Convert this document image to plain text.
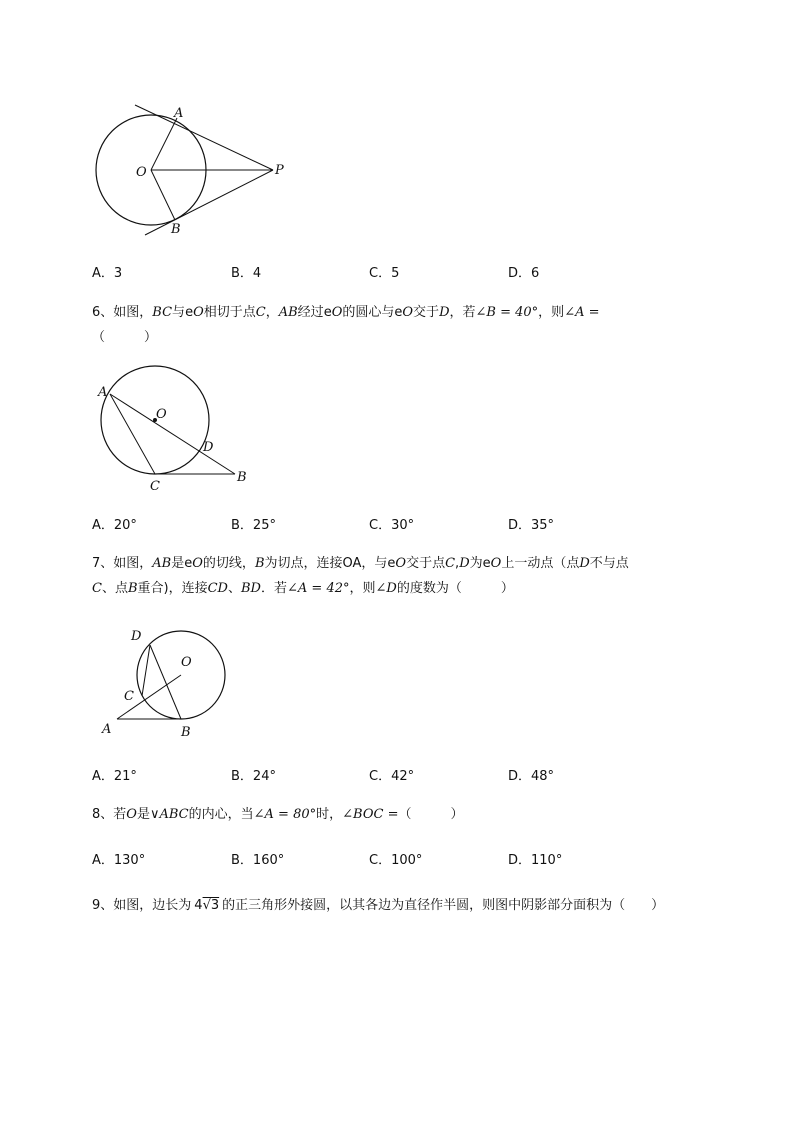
A
O	P
B
A．3	B．4	C．5	D．6
6、如图，BC与eO相切于点C，AB经过eO的圆心与eO交于D，若∠B = 40°，则∠A =
（　　　）
A
O
D
C
B
A．20°	B．25°	C．30°	D．35°
7、如图，AB是eO的切线，B为切点，连接OA，与eO交于点C,D为eO上一动点（点D不与点
C、点B重合)，连接CD、BD．若∠A = 42°，则∠D的度数为（　　　）
D
O
C
A	B
A．21°	B．24°	C．42°	D．48°
8、若O是∨ABC的内心，当∠A = 80°时，∠BOC =（　　　）
A．130°	B．160°	C．100°	D．110°
9、如图，边长为 4√3 的正三角形外接圆，以其各边为直径作半圆，则图中阴影部分面积为（　　）
